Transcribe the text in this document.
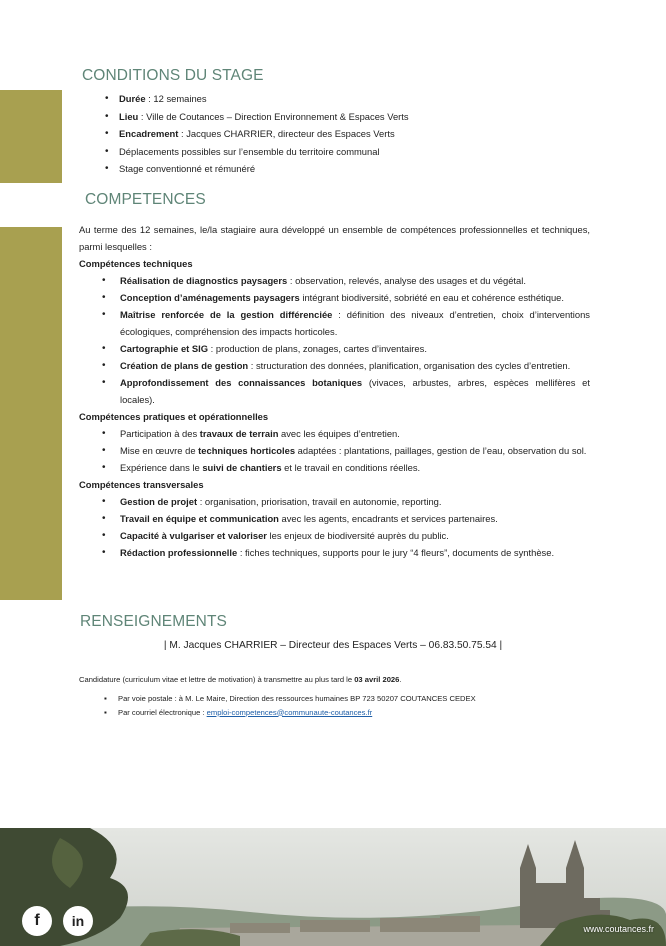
CONDITIONS DU STAGE
• Durée : 12 semaines
• Lieu : Ville de Coutances – Direction Environnement & Espaces Verts
• Encadrement : Jacques CHARRIER, directeur des Espaces Verts
• Déplacements possibles sur l’ensemble du territoire communal
• Stage conventionné et rémunéré
COMPETENCES

Au terme des 12 semaines, le/la stagiaire aura développé un ensemble de compétences professionnelles et techniques, parmi lesquelles :

Compétences techniques

• Réalisation de diagnostics paysagers : observation, relevés, analyse des usages et du végétal.
• Conception d’aménagements paysagers intégrant biodiversité, sobriété en eau et cohérence esthétique.
• Maîtrise renforcée de la gestion différenciée : définition des niveaux d’entretien, choix d’interventions écologiques, compréhension des impacts horticoles.
• Cartographie et SIG : production de plans, zonages, cartes d’inventaires.
• Création de plans de gestion : structuration des données, planification, organisation des cycles d’entretien.
• Approfondissement des connaissances botaniques (vivaces, arbustes, arbres, espèces mellifères et locales).

Compétences pratiques et opérationnelles

• Participation à des travaux de terrain avec les équipes d’entretien.
• Mise en œuvre de techniques horticoles adaptées : plantations, paillages, gestion de l’eau, observation du sol.
• Expérience dans le suivi de chantiers et le travail en conditions réelles.

Compétences transversales

• Gestion de projet : organisation, priorisation, travail en autonomie, reporting.
• Travail en équipe et communication avec les agents, encadrants et services partenaires.
• Capacité à vulgariser et valoriser les enjeux de biodiversité auprès du public.
• Rédaction professionnelle : fiches techniques, supports pour le jury “4 fleurs”, documents de synthèse.
RENSEIGNEMENTS
| M. Jacques CHARRIER – Directeur des Espaces Verts – 06.83.50.75.54 |
Candidature (curriculum vitae et lettre de motivation) à transmettre au plus tard le 03 avril 2026.
▪ Par voie postale : à M. Le Maire, Direction des ressources humaines BP 723 50207 COUTANCES CEDEX
▪ Par courriel électronique : emploi-competences@communaute-coutances.fr
f	in	www.coutances.fr
